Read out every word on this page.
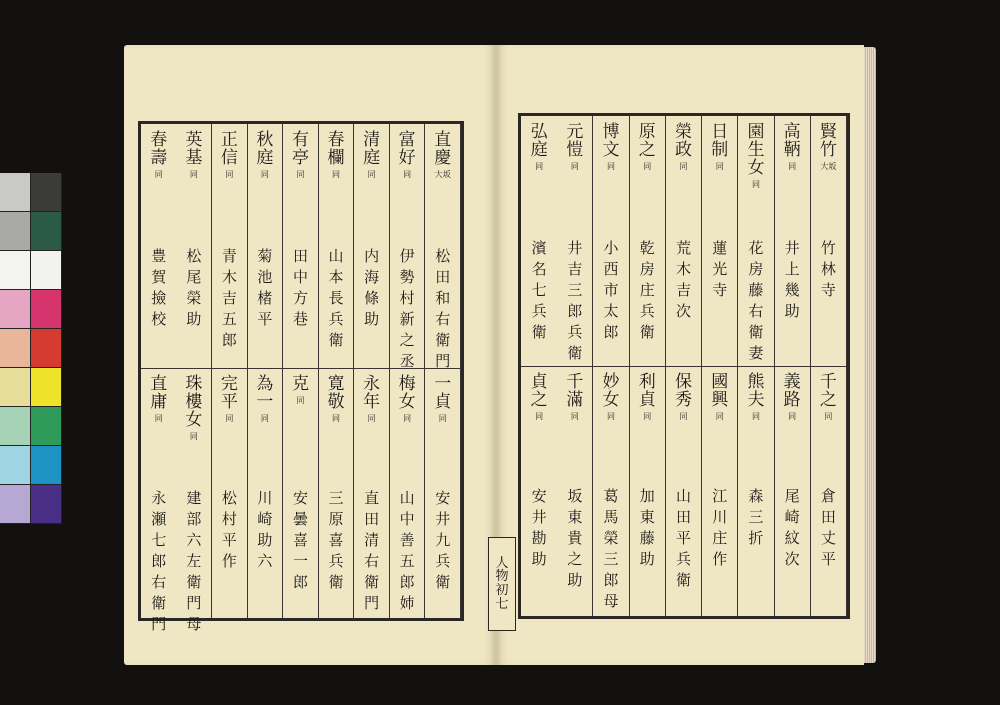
直
慶
大坂
松
田
和
右
衛
門
一
貞
同
安
井
九
兵
衛
富
好
同
伊
勢
村
新
之
丞
梅
女
同
山
中
善
五
郎
姉
清
庭
同
内
海
條
助
永
年
同
直
田
清
右
衛
門
春
欄
同
山
本
長
兵
衛
寛
敬
同
三
原
喜
兵
衛
有
亭
同
田
中
方
巷
克
同
安
曇
喜
一
郎
秋
庭
同
菊
池
楮
平
為
一
同
川
崎
助
六
正
信
同
青
木
吉
五
郎
完
平
同
松
村
平
作
英
基
同
松
尾
榮
助
珠
樓
女
同
建
部
六
左
衛
門
母
春
壽
同
豊
賀
撿
校
直
庸
同
永
瀬
七
郎
右
衛
門
賢
竹
大坂
竹
林
寺
千
之
同
倉
田
丈
平
高
鞆
同
井
上
幾
助
義
路
同
尾
崎
紋
次
園
生
女
同
花
房
藤
右
衛
妻
熊
夫
同
森
三
折
日
制
同
蓮
光
寺
國
興
同
江
川
庄
作
榮
政
同
荒
木
吉
次
保
秀
同
山
田
平
兵
衛
原
之
同
乾
房
庄
兵
衛
利
貞
同
加
東
藤
助
博
文
同
小
西
市
太
郎
妙
女
同
葛
馬
榮
三
郎
母
元
愷
同
井
吉
三
郎
兵
衛
千
滿
同
坂
東
貴
之
助
弘
庭
同
濱
名
七
兵
衛
貞
之
同
安
井
勘
助
人
物
初
七
